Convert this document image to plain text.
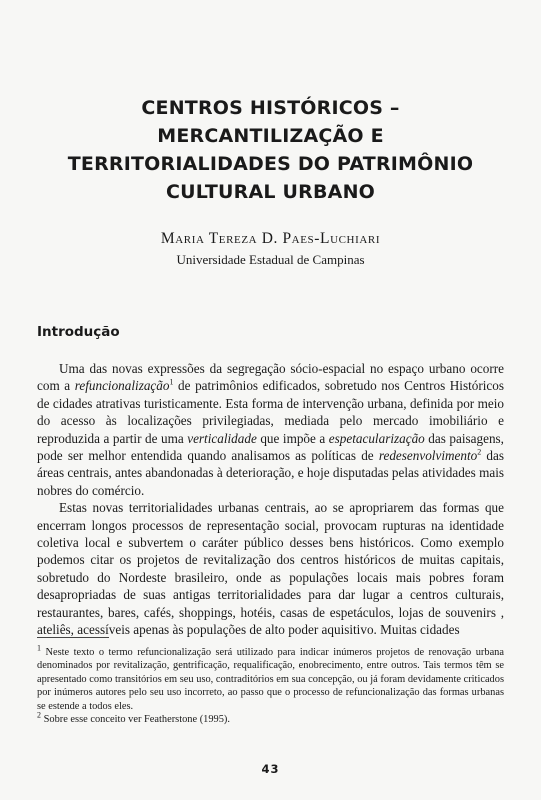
CENTROS HISTÓRICOS –
MERCANTILIZAÇÃO E
TERRITORIALIDADES DO PATRIMÔNIO
CULTURAL URBANO
Maria Tereza D. Paes-Luchiari
Universidade Estadual de Campinas
Introdução

Uma das novas expressões da segregação sócio-espacial no espaço urbano ocorre com a refuncionalização$^1$ de patrimônios edificados, sobretudo nos Centros Históricos de cidades atrativas turisticamente. Esta forma de intervenção urbana, definida por meio do acesso às localizações privilegiadas, mediada pelo mercado imobiliário e reproduzida a partir de uma verticalidade que impõe a espetacularização das paisagens, pode ser melhor entendida quando analisamos as políticas de redesenvolvimento$^2$ das áreas centrais, antes abandonadas à deterioração, e hoje disputadas pelas atividades mais nobres do comércio.

Estas novas territorialidades urbanas centrais, ao se apropriarem das formas que encerram longos processos de representação social, provocam rupturas na identidade coletiva local e subvertem o caráter público desses bens históricos. Como exemplo podemos citar os projetos de revitalização dos centros históricos de muitas capitais, sobretudo do Nordeste brasileiro, onde as populações locais mais pobres foram desapropriadas de suas antigas territorialidades para dar lugar a centros culturais, restaurantes, bares, cafés, shoppings, hotéis, casas de espetáculos, lojas de souvenirs , ateliês, acessíveis apenas às populações de alto poder aquisitivo. Muitas cidades

$^1$ Neste texto o termo refuncionalização será utilizado para indicar inúmeros projetos de renovação urbana denominados por revitalização, gentrificação, requalificação, enobrecimento, entre outros. Tais termos têm se apresentado como transitórios em seu uso, contraditórios em sua concepção, ou já foram devidamente criticados por inúmeros autores pelo seu uso incorreto, ao passo que o processo de refuncionalização das formas urbanas se estende a todos eles.

$^2$ Sobre esse conceito ver Featherstone (1995).

43
